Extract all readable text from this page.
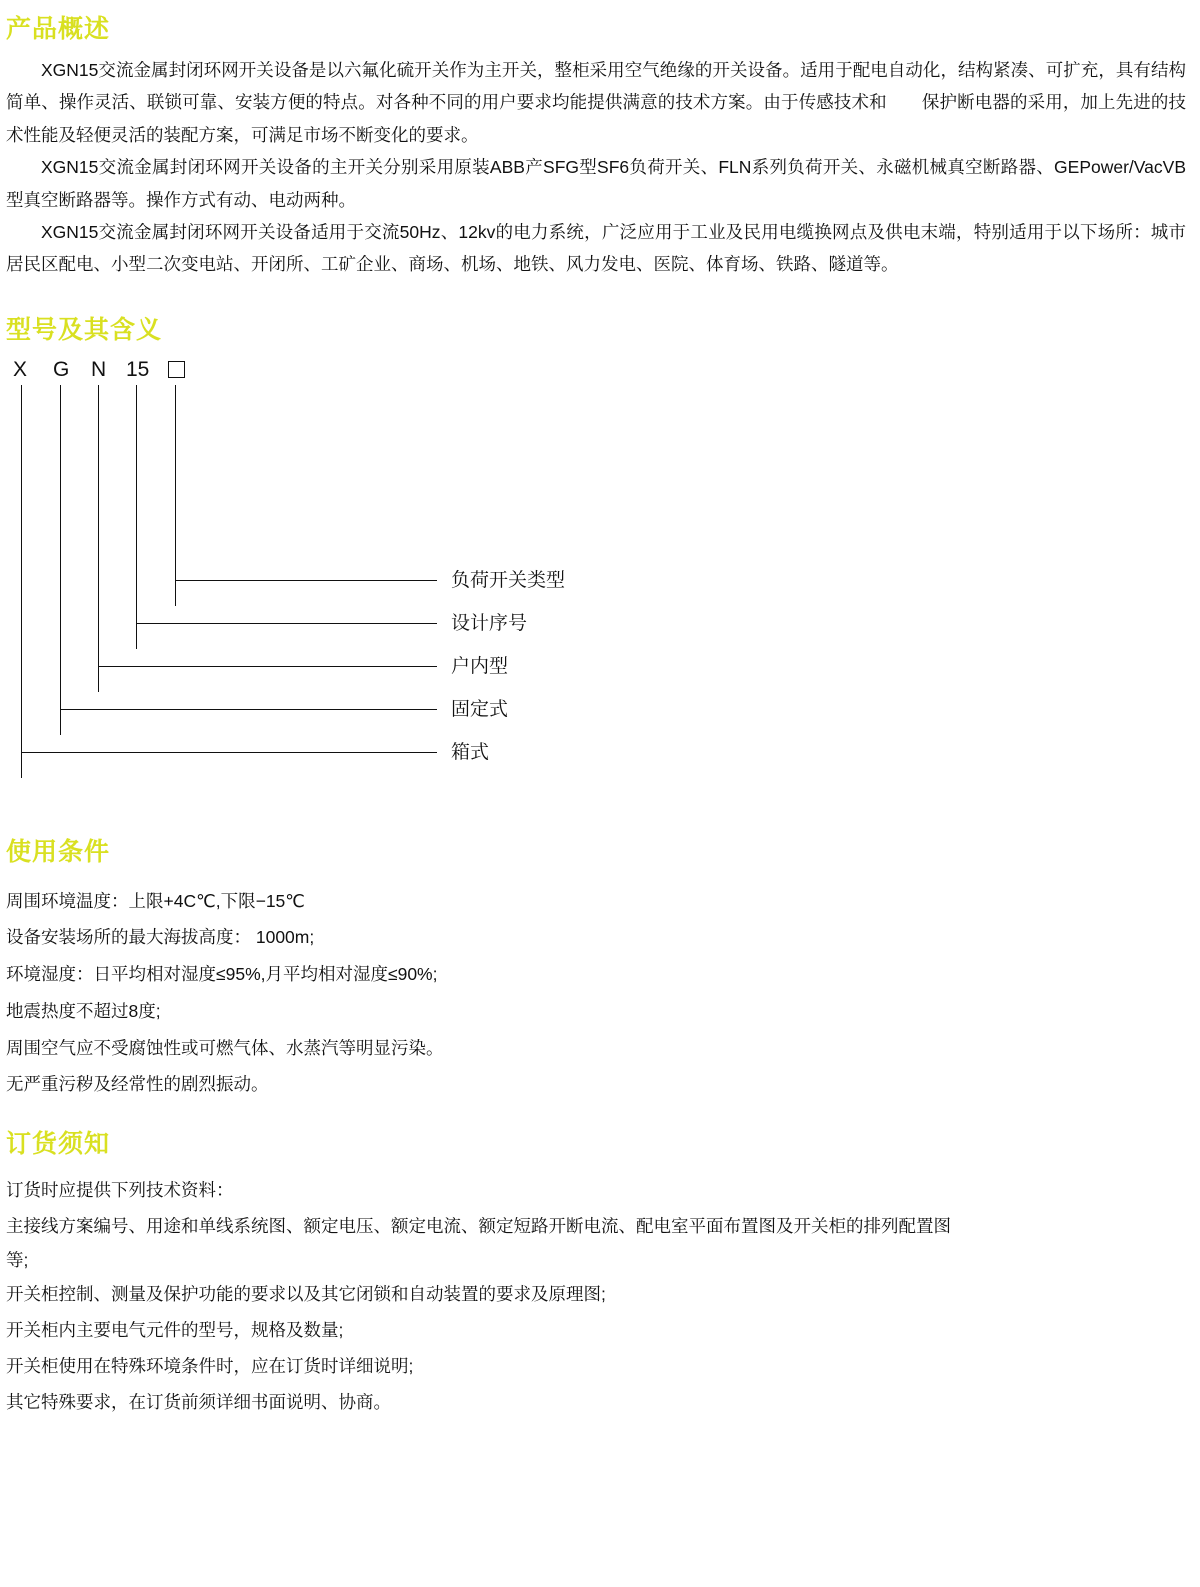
产品概述

XGN15交流金属封闭环网开关设备是以六氟化硫开关作为主开关，整柜采用空气绝缘的开关设备。适用于配电自动化，结构紧凑、可扩充，具有结构简单、操作灵活、联锁可靠、安装方便的特点。对各种不同的用户要求均能提供满意的技术方案。由于传感技术和　　保护断电器的采用，加上先进的技术性能及轻便灵活的装配方案，可满足市场不断变化的要求。

XGN15交流金属封闭环网开关设备的主开关分别采用原装ABB产SFG型SF6负荷开关、FLN系列负荷开关、永磁机械真空断路器、GEPower/VacVB型真空断路器等。操作方式有动、电动两种。

XGN15交流金属封闭环网开关设备适用于交流50Hz、12kv的电力系统，广泛应用于工业及民用电缆换网点及供电末端，特别适用于以下场所：城市居民区配电、小型二次变电站、开闭所、工矿企业、商场、机场、地铁、风力发电、医院、体育场、铁路、隧道等。

型号及其含义
X G N 15
负荷开关类型
设计序号
户内型
固定式
箱式
使用条件
周围环境温度：上限+4C℃,下限−15℃
设备安装场所的最大海拔高度： 1000m;
环境湿度：日平均相对湿度≤95%,月平均相对湿度≤90%;
地震热度不超过8度;
周围空气应不受腐蚀性或可燃气体、水蒸汽等明显污染。
无严重污秽及经常性的剧烈振动。
订货须知
订货时应提供下列技术资料：
主接线方案编号、用途和单线系统图、额定电压、额定电流、额定短路开断电流、配电室平面布置图及开关柜的排列配置图等;
开关柜控制、测量及保护功能的要求以及其它闭锁和自动装置的要求及原理图;
开关柜内主要电气元件的型号，规格及数量;
开关柜使用在特殊环境条件时，应在订货时详细说明;
其它特殊要求，在订货前须详细书面说明、协商。
